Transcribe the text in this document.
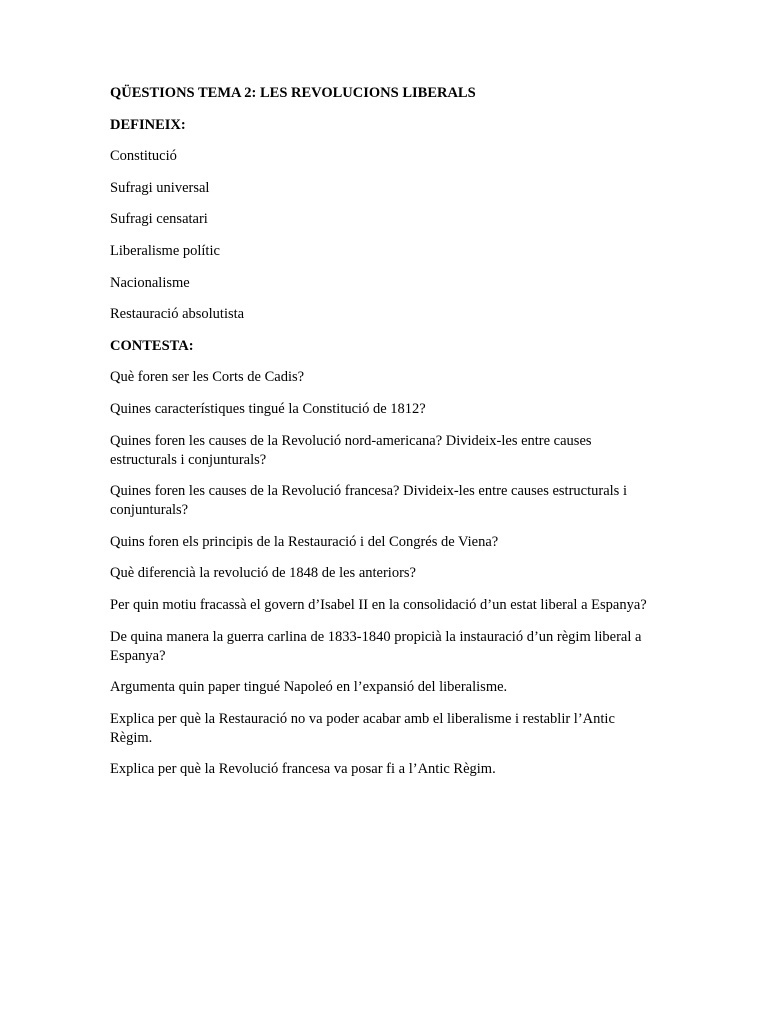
QÜESTIONS TEMA 2: LES REVOLUCIONS LIBERALS

DEFINEIX:

Constitució

Sufragi universal

Sufragi censatari

Liberalisme polític

Nacionalisme

Restauració absolutista

CONTESTA:

Què foren ser les Corts de Cadis?

Quines característiques tingué la Constitució de 1812?

Quines foren les causes de la Revolució nord-americana? Divideix-les entre causes estructurals i conjunturals?

Quines foren les causes de la Revolució francesa? Divideix-les entre causes estructurals i conjunturals?

Quins foren els principis de la Restauració i del Congrés de Viena?

Què diferencià la revolució de 1848 de les anteriors?

Per quin motiu fracassà el govern d’Isabel II en la consolidació d’un estat liberal a Espanya?

De quina manera la guerra carlina de 1833-1840 propicià la instauració d’un règim liberal a Espanya?

Argumenta quin paper tingué Napoleó en l’expansió del liberalisme.

Explica per què la Restauració no va poder acabar amb el liberalisme i restablir l’Antic Règim.

Explica per què la Revolució francesa va posar fi a l’Antic Règim.
